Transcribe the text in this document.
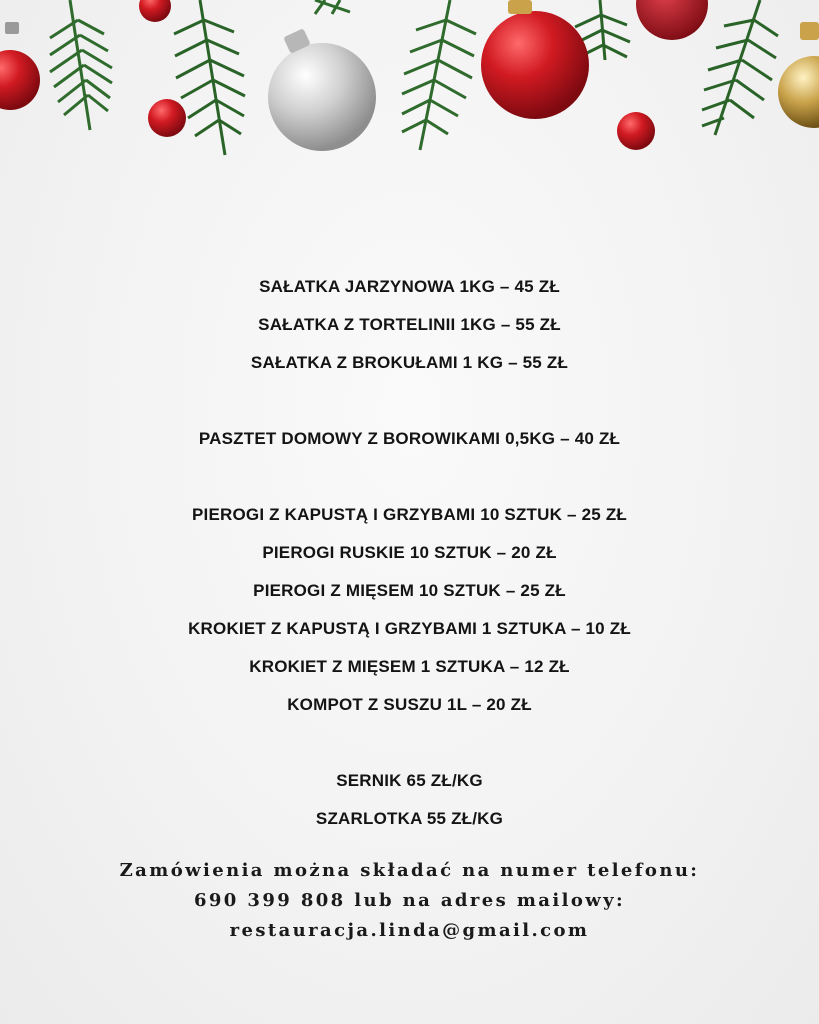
SAŁATKA JARZYNOWA 1KG – 45 ZŁ
SAŁATKA Z TORTELINII 1KG – 55 ZŁ
SAŁATKA Z BROKUŁAMI 1 KG – 55 ZŁ
PASZTET DOMOWY Z BOROWIKAMI 0,5KG – 40 ZŁ
PIEROGI Z KAPUSTĄ I GRZYBAMI 10 SZTUK – 25 ZŁ
PIEROGI RUSKIE 10 SZTUK – 20 ZŁ
PIEROGI Z MIĘSEM 10 SZTUK – 25 ZŁ
KROKIET Z KAPUSTĄ I GRZYBAMI 1 SZTUKA – 10 ZŁ
KROKIET Z MIĘSEM 1 SZTUKA – 12 ZŁ
KOMPOT Z SUSZU 1L – 20 ZŁ
SERNIK 65 ZŁ/KG
SZARLOTKA 55 ZŁ/KG
Zamówienia można składać na numer telefonu:
690 399 808 lub na adres mailowy:
restauracja.linda@gmail.com
